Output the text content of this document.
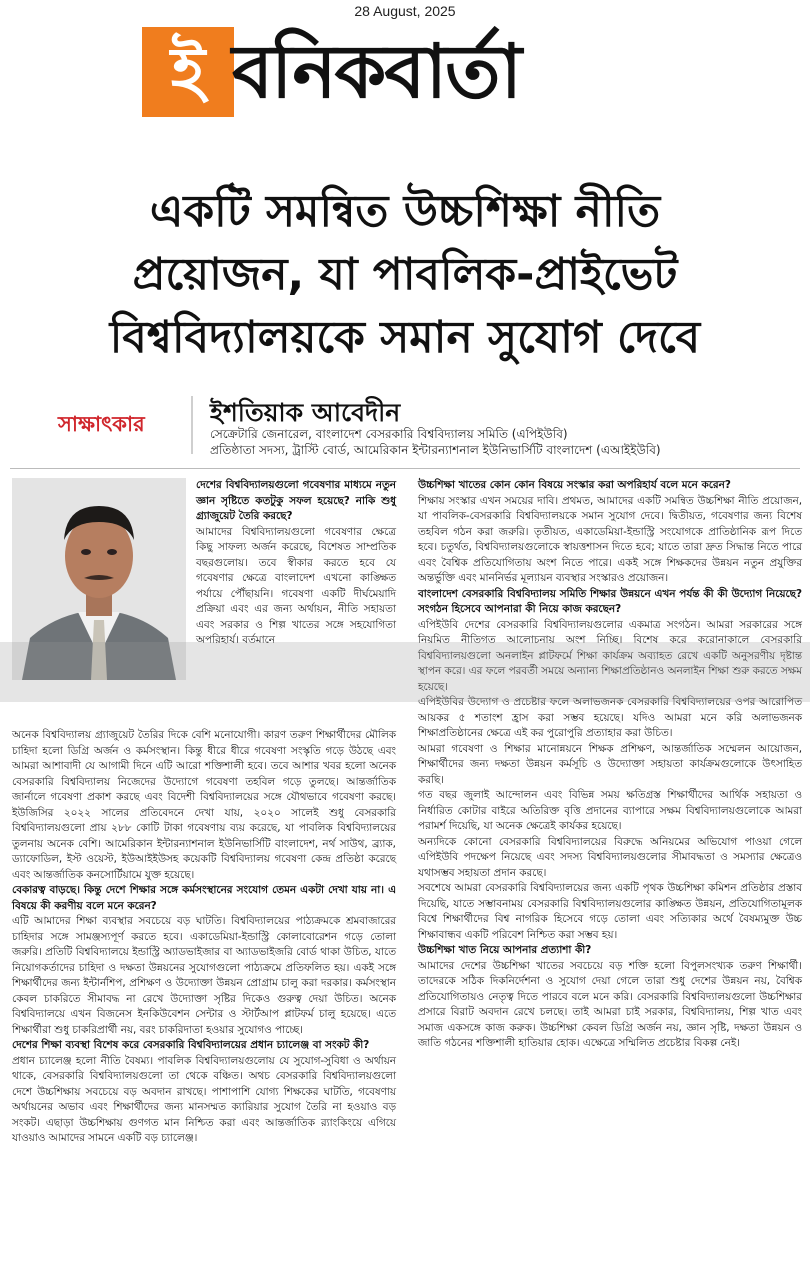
28 August, 2025
ই বনিকবার্তা
একটি সমন্বিত উচ্চশিক্ষা নীতি
প্রয়োজন, যা পাবলিক-প্রাইভেট
বিশ্ববিদ্যালয়কে সমান সুযোগ দেবে
সাক্ষাৎকার	ইশতিয়াক আবেদীন
সেক্রেটারি জেনারেল, বাংলাদেশ বেসরকারি বিশ্ববিদ্যালয় সমিতি (এপিইউবি)
প্রতিষ্ঠাতা সদস্য, ট্রাস্টি বোর্ড, আমেরিকান ইন্টারন্যাশনাল ইউনিভার্সিটি বাংলাদেশ (এআইইউবি)

দেশের বিশ্ববিদ্যালয়গুলো গবেষণার মাধ্যমে নতুন জ্ঞান সৃষ্টিতে কতটুকু সফল হয়েছে? নাকি শুধু গ্র্যাজুয়েট তৈরি করছে?

আমাদের বিশ্ববিদ্যালয়গুলো গবেষণার ক্ষেত্রে কিছু সাফল্য অর্জন করেছে, বিশেষত সাম্প্রতিক বছরগুলোয়। তবে স্বীকার করতে হবে যে গবেষণার ক্ষেত্রে বাংলাদেশ এখনো কাঙ্ক্ষিত পর্যায়ে পৌঁছায়নি। গবেষণা একটি দীর্ঘমেয়াদি প্রক্রিয়া এবং এর জন্য অর্থায়ন, নীতি সহায়তা এবং সরকার ও শিল্প খাতের সঙ্গে সহযোগিতা অপরিহার্য। বর্তমানে

অনেক বিশ্ববিদ্যালয় গ্র্যাজুয়েট তৈরির দিকে বেশি মনোযোগী। কারণ তরুণ শিক্ষার্থীদের মৌলিক চাহিদা হলো ডিগ্রি অর্জন ও কর্মসংস্থান। কিন্তু ধীরে ধীরে গবেষণা সংস্কৃতি গড়ে উঠছে এবং আমরা আশাবাদী যে আগামী দিনে এটি আরো শক্তিশালী হবে। তবে আশার খবর হলো অনেক বেসরকারি বিশ্ববিদ্যালয় নিজেদের উদ্যোগে গবেষণা তহবিল গড়ে তুলছে। আন্তর্জাতিক জার্নালে গবেষণা প্রকাশ করছে এবং বিদেশী বিশ্ববিদ্যালয়ের সঙ্গে যৌথভাবে গবেষণা করছে। ইউজিসির ২০২২ সালের প্রতিবেদনে দেখা যায়, ২০২০ সালেই শুধু বেসরকারি বিশ্ববিদ্যালয়গুলো প্রায় ২৮৮ কোটি টাকা গবেষণায় ব্যয় করেছে, যা পাবলিক বিশ্ববিদ্যালয়ের তুলনায় অনেক বেশি। আমেরিকান ইন্টারন্যাশনাল ইউনিভার্সিটি বাংলাদেশ, নর্থ সাউথ, ব্র্যাক, ড্যাফোডিল, ইস্ট ওয়েস্ট, ইউআইইউসহ কয়েকটি বিশ্ববিদ্যালয় গবেষণা কেন্দ্র প্রতিষ্ঠা করেছে এবং আন্তর্জাতিক কনসোর্টিয়ামে যুক্ত হয়েছে।

বেকারত্ব বাড়ছে। কিন্তু দেশে শিক্ষার সঙ্গে কর্মসংস্থানের সংযোগ তেমন একটা দেখা যায় না। এ বিষয়ে কী করণীয় বলে মনে করেন?

এটি আমাদের শিক্ষা ব্যবস্থার সবচেয়ে বড় ঘাটতি। বিশ্ববিদ্যালয়ের পাঠ্যক্রমকে শ্রমবাজারের চাহিদার সঙ্গে সামঞ্জস্যপূর্ণ করতে হবে। একাডেমিয়া-ইন্ডাস্ট্রি কোলাবোরেশন গড়ে তোলা জরুরি। প্রতিটি বিশ্ববিদ্যালয়ে ইন্ডাস্ট্রি অ্যাডভাইজার বা অ্যাডভাইজরি বোর্ড থাকা উচিত, যাতে নিয়োগকর্তাদের চাহিদা ও দক্ষতা উন্নয়নের সুযোগগুলো পাঠ্যক্রমে প্রতিফলিত হয়। একই সঙ্গে শিক্ষার্থীদের জন্য ইন্টার্নশিপ, প্রশিক্ষণ ও উদ্যোক্তা উন্নয়ন প্রোগ্রাম চালু করা দরকার। কর্মসংস্থান কেবল চাকরিতে সীমাবদ্ধ না রেখে উদ্যোক্তা সৃষ্টির দিকেও গুরুত্ব দেয়া উচিত। অনেক বিশ্ববিদ্যালয়ে এখন বিজনেস ইনকিউবেশন সেন্টার ও স্টার্টআপ প্লাটফর্ম চালু হয়েছে। এতে শিক্ষার্থীরা শুধু চাকরিপ্রার্থী নয়, বরং চাকরিদাতা হওয়ার সুযোগও পাচ্ছে।

দেশের শিক্ষা ব্যবস্থা বিশেষ করে বেসরকারি বিশ্ববিদ্যালয়ের প্রধান চ্যালেঞ্জ বা সংকট কী?

প্রধান চ্যালেঞ্জ হলো নীতি বৈষম্য। পাবলিক বিশ্ববিদ্যালয়গুলোয় যে সুযোগ-সুবিধা ও অর্থায়ন থাকে, বেসরকারি বিশ্ববিদ্যালয়গুলো তা থেকে বঞ্চিত। অথচ বেসরকারি বিশ্ববিদ্যালয়গুলো দেশে উচ্চশিক্ষায় সবচেয়ে বড় অবদান রাখছে। পাশাপাশি যোগ্য শিক্ষকের ঘাটতি, গবেষণায় অর্থায়নের অভাব এবং শিক্ষার্থীদের জন্য মানসম্মত ক্যারিয়ার সুযোগ তৈরি না হওয়াও বড় সংকট। এছাড়া উচ্চশিক্ষায় গুণগত মান নিশ্চিত করা এবং আন্তর্জাতিক র‍্যাংকিংয়ে এগিয়ে যাওয়াও আমাদের সামনে একটি বড় চ্যালেঞ্জ।

উচ্চশিক্ষা খাতের কোন কোন বিষয়ে সংস্কার করা অপরিহার্য বলে মনে করেন?

শিক্ষায় সংস্কার এখন সময়ের দাবি। প্রথমত, আমাদের একটি সমন্বিত উচ্চশিক্ষা নীতি প্রয়োজন, যা পাবলিক-বেসরকারি বিশ্ববিদ্যালয়কে সমান সুযোগ দেবে। দ্বিতীয়ত, গবেষণার জন্য বিশেষ তহবিল গঠন করা জরুরি। তৃতীয়ত, একাডেমিয়া-ইন্ডাস্ট্রি সংযোগকে প্রাতিষ্ঠানিক রূপ দিতে হবে। চতুর্থত, বিশ্ববিদ্যালয়গুলোকে স্বায়ত্তশাসন দিতে হবে; যাতে তারা দ্রুত সিদ্ধান্ত নিতে পারে এবং বৈশ্বিক প্রতিযোগিতায় অংশ নিতে পারে। একই সঙ্গে শিক্ষকদের উন্নয়ন নতুন প্রযুক্তির অন্তর্ভুক্তি এবং মাননির্ভর মূল্যায়ন ব্যবস্থার সংস্কারও প্রয়োজন।

বাংলাদেশ বেসরকারি বিশ্ববিদ্যালয় সমিতি শিক্ষার উন্নয়নে এখন পর্যন্ত কী কী উদ্যোগ নিয়েছে? সংগঠন হিসেবে আপনারা কী নিয়ে কাজ করছেন?

এপিইউবি দেশের বেসরকারি বিশ্ববিদ্যালয়গুলোর একমাত্র সংগঠন। আমরা সরকারের সঙ্গে নিয়মিত নীতিগত আলোচনায় অংশ নিচ্ছি। বিশেষ করে করোনাকালে বেসরকারি বিশ্ববিদ্যালয়গুলো অনলাইন প্লাটফর্মে শিক্ষা কার্যক্রম অব্যাহত রেখে একটি অনুসরণীয় দৃষ্টান্ত স্থাপন করে। এর ফলে পরবর্তী সময়ে অন্যান্য শিক্ষাপ্রতিষ্ঠানও অনলাইন শিক্ষা শুরু করতে সক্ষম হয়েছে।

এপিইউবির উদ্যোগ ও প্রচেষ্টার ফলে অলাভজনক বেসরকারি বিশ্ববিদ্যালয়ের ওপর আরোপিত আয়কর ৫ শতাংশ হ্রাস করা সম্ভব হয়েছে। যদিও আমরা মনে করি অলাভজনক শিক্ষাপ্রতিষ্ঠানের ক্ষেত্রে এই কর পুরোপুরি প্রত্যাহার করা উচিত।

আমরা গবেষণা ও শিক্ষার মানোন্নয়নে শিক্ষক প্রশিক্ষণ, আন্তর্জাতিক সম্মেলন আয়োজন, শিক্ষার্থীদের জন্য দক্ষতা উন্নয়ন কর্মসূচি ও উদ্যোক্তা সহায়তা কার্যক্রমগুলোকে উৎসাহিত করছি।

গত বছর জুলাই আন্দোলন এবং বিভিন্ন সময় ক্ষতিগ্রস্ত শিক্ষার্থীদের আর্থিক সহায়তা ও নির্ধারিত কোটার বাইরে অতিরিক্ত বৃত্তি প্রদানের ব্যাপারে সক্ষম বিশ্ববিদ্যালয়গুলোকে আমরা পরামর্শ দিয়েছি, যা অনেক ক্ষেত্রেই কার্যকর হয়েছে।

অন্যদিকে কোনো বেসরকারি বিশ্ববিদ্যালয়ের বিরুদ্ধে অনিয়মের অভিযোগ পাওয়া গেলে এপিইউবি পদক্ষেপ নিয়েছে এবং সদস্য বিশ্ববিদ্যালয়গুলোর সীমাবদ্ধতা ও সমস্যার ক্ষেত্রেও যথাসম্ভব সহায়তা প্রদান করছে।

সবশেষে আমরা বেসরকারি বিশ্ববিদ্যালয়ের জন্য একটি পৃথক উচ্চশিক্ষা কমিশন প্রতিষ্ঠার প্রস্তাব দিয়েছি, যাতে সম্ভাবনাময় বেসরকারি বিশ্ববিদ্যালয়গুলোর কাঙ্ক্ষিত উন্নয়ন, প্রতিযোগিতামূলক বিশ্বে শিক্ষার্থীদের বিশ্ব নাগরিক হিসেবে গড়ে তোলা এবং সত্যিকার অর্থে বৈষম্যমুক্ত উচ্চ শিক্ষাবান্ধব একটি পরিবেশ নিশ্চিত করা সম্ভব হয়।

উচ্চশিক্ষা খাত নিয়ে আপনার প্রত্যাশা কী?

আমাদের দেশের উচ্চশিক্ষা খাতের সবচেয়ে বড় শক্তি হলো বিপুলসংখ্যক তরুণ শিক্ষার্থী। তাদেরকে সঠিক দিকনির্দেশনা ও সুযোগ দেয়া গেলে তারা শুধু দেশের উন্নয়ন নয়, বৈশ্বিক প্রতিযোগিতায়ও নেতৃত্ব দিতে পারবে বলে মনে করি। বেসরকারি বিশ্ববিদ্যালয়গুলো উচ্চশিক্ষার প্রসারে বিরাট অবদান রেখে চলছে। তাই আমরা চাই সরকার, বিশ্ববিদ্যালয়, শিল্প খাত এবং সমাজ একসঙ্গে কাজ করুক। উচ্চশিক্ষা কেবল ডিগ্রি অর্জন নয়, জ্ঞান সৃষ্টি, দক্ষতা উন্নয়ন ও জাতি গঠনের শক্তিশালী হাতিয়ার হোক। এক্ষেত্রে সম্মিলিত প্রচেষ্টার বিকল্প নেই।
